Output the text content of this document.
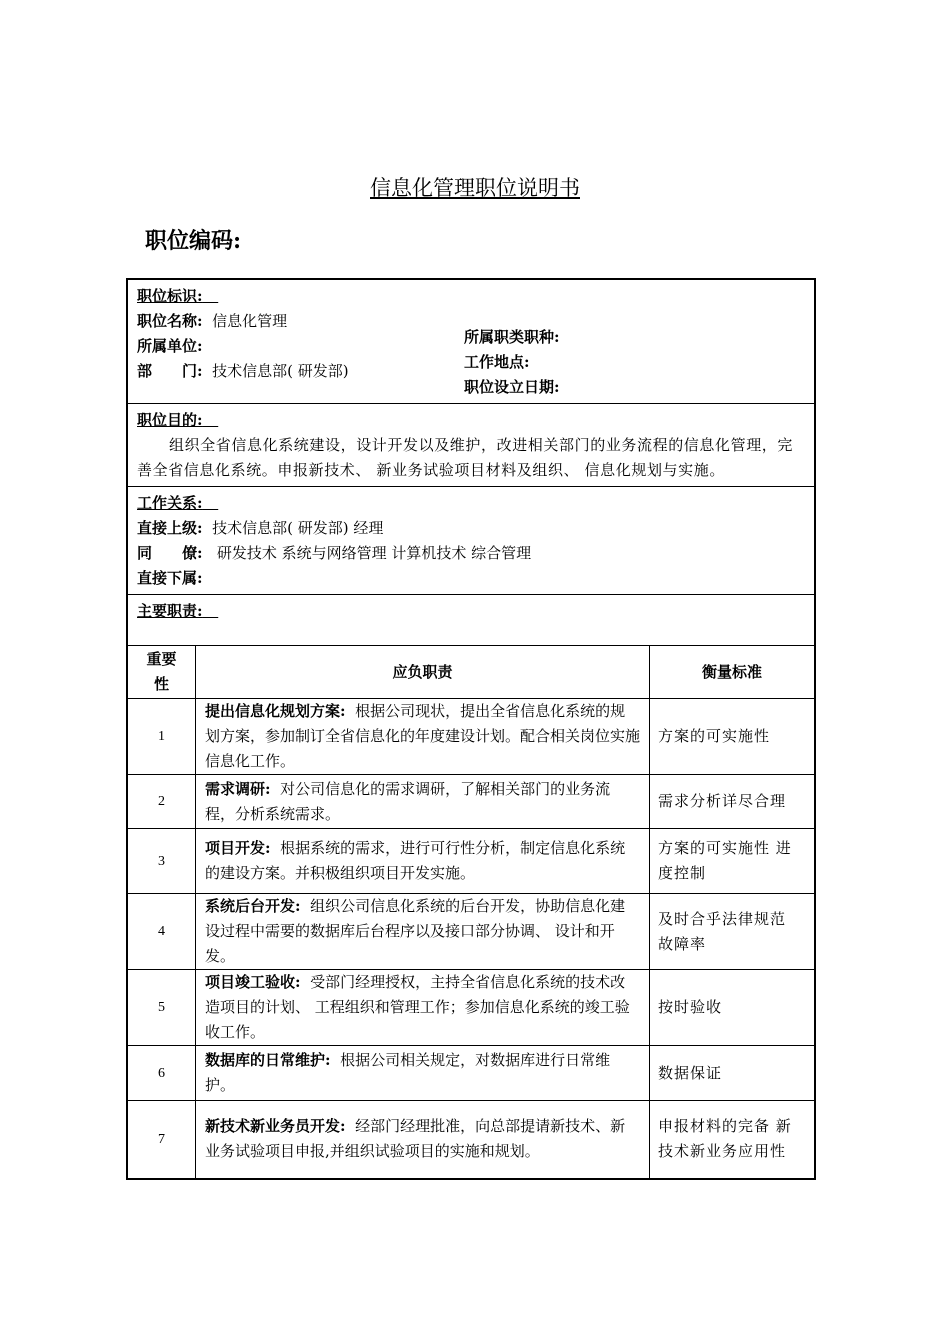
信息化管理职位说明书
职位编码:
职位标识:
职位名称: 信息化管理
所属单位:
部 门: 技术信息部( 研发部)
所属职类职种:
工作地点:
职位设立日期:
职位目的:
组织全省信息化系统建设，设计开发以及维护，改进相关部门的业务流程的信息化管理，完善全省信息化系统。申报新技术、 新业务试验项目材料及组织、 信息化规划与实施。
工作关系:
直接上级: 技术信息部( 研发部) 经理
同 僚: 研发技术 系统与网络管理 计算机技术 综合管理
直接下属:
主要职责:
重要性	应负职责	衡量标准
1	提出信息化规划方案: 根据公司现状，提出全省信息化系统的规划方案，参加制订全省信息化的年度建设计划。配合相关岗位实施信息化工作。	方案的可实施性
2	需求调研: 对公司信息化的需求调研，了解相关部门的业务流程，分析系统需求。	需求分析详尽合理
3	项目开发: 根据系统的需求，进行可行性分析，制定信息化系统的建设方案。并积极组织项目开发实施。	方案的可实施性 进度控制
4	系统后台开发: 组织公司信息化系统的后台开发，协助信息化建设过程中需要的数据库后台程序以及接口部分协调、 设计和开发。	及时合乎法律规范 故障率
5	项目竣工验收: 受部门经理授权，主持全省信息化系统的技术改造项目的计划、 工程组织和管理工作；参加信息化系统的竣工验收工作。	按时验收
6	数据库的日常维护: 根据公司相关规定，对数据库进行日常维护。	数据保证
7	新技术新业务员开发: 经部门经理批准，向总部提请新技术、新业务试验项目申报,并组织试验项目的实施和规划。	申报材料的完备 新技术新业务应用性
